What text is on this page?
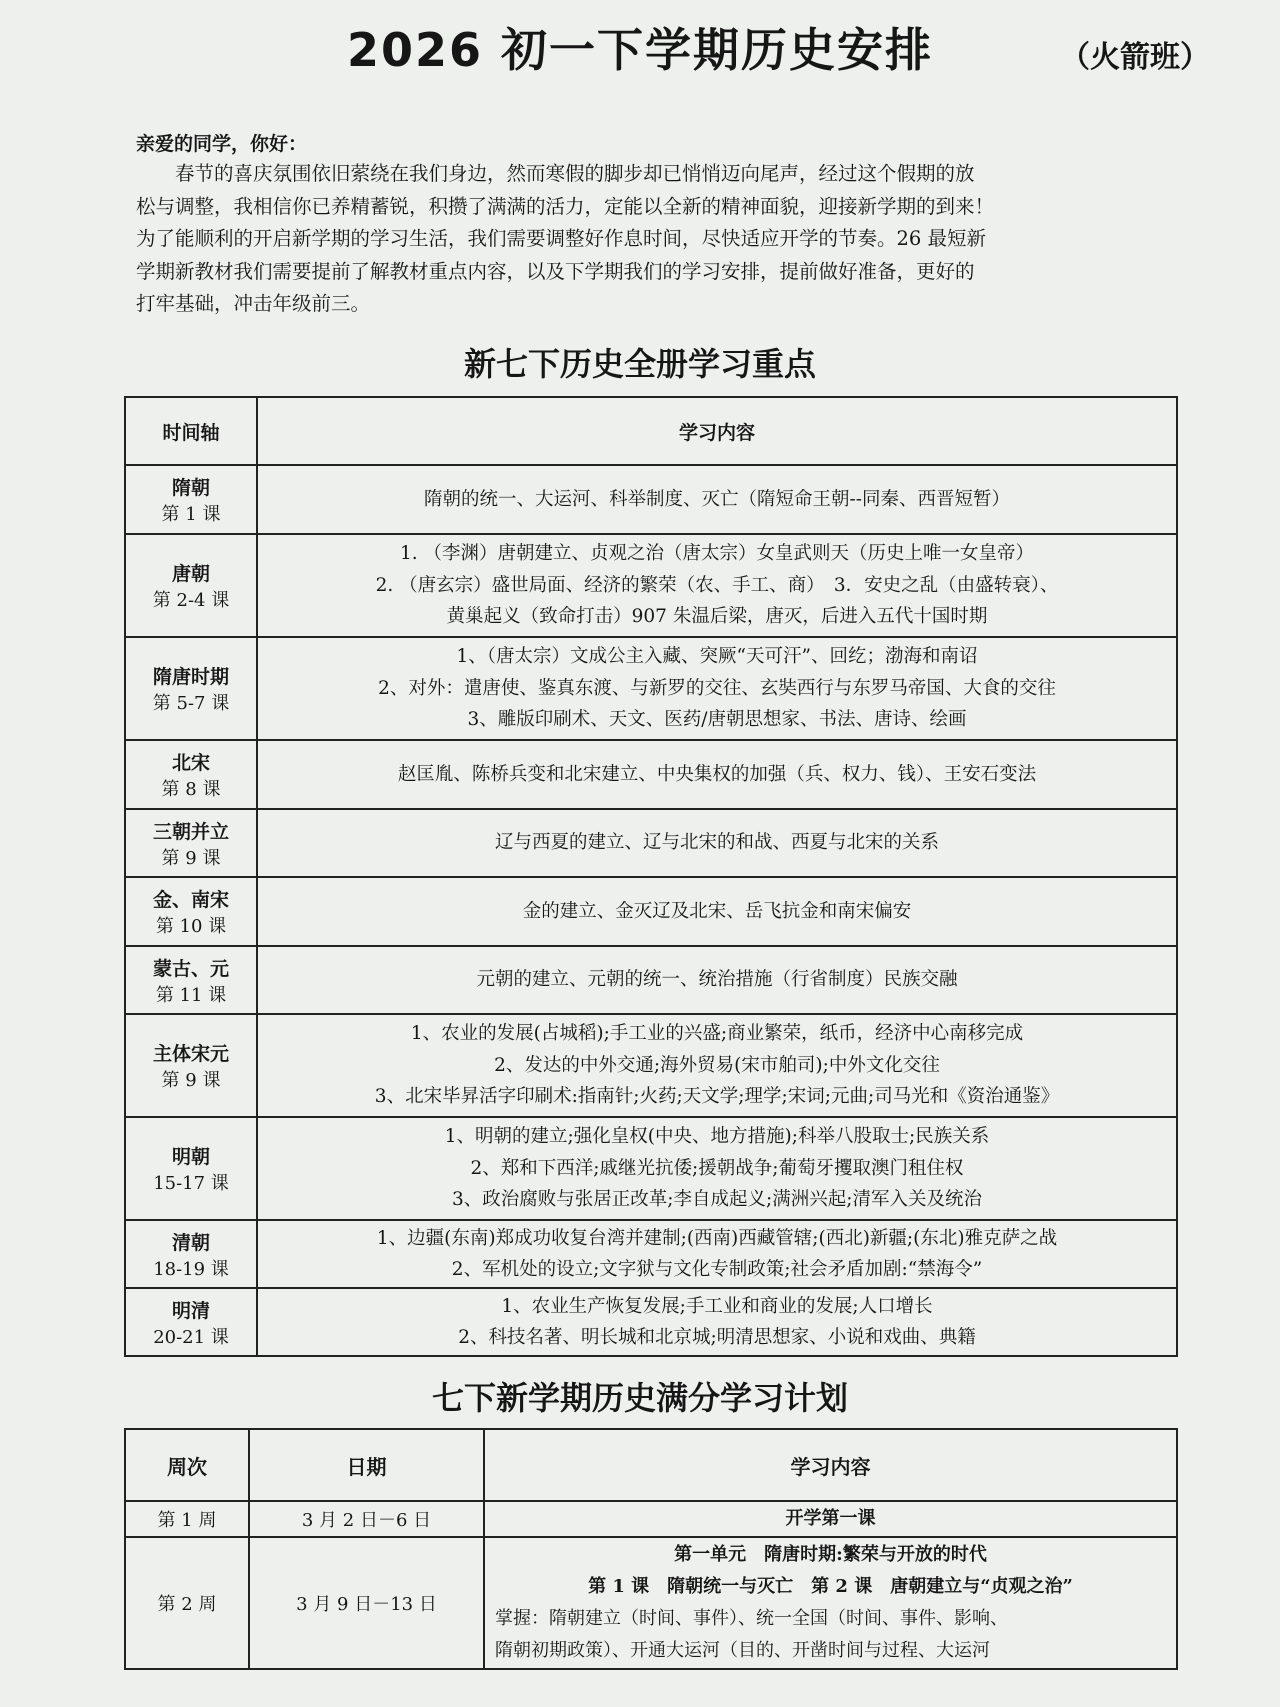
2026 初一下学期历史安排	（火箭班）
亲爱的同学，你好：
　　春节的喜庆氛围依旧萦绕在我们身边，然而寒假的脚步却已悄悄迈向尾声，经过这个假期的放
松与调整，我相信你已养精蓄锐，积攒了满满的活力，定能以全新的精神面貌，迎接新学期的到来！
为了能顺利的开启新学期的学习生活，我们需要调整好作息时间，尽快适应开学的节奏。26 最短新
学期新教材我们需要提前了解教材重点内容，以及下学期我们的学习安排，提前做好准备，更好的
打牢基础，冲击年级前三。
新七下历史全册学习重点
时间轴	学习内容

隋朝
第 1 课	隋朝的统一、大运河、科举制度、灭亡（隋短命王朝--同秦、西晋短暂）

唐朝
第 2-4 课	1. （李渊）唐朝建立、贞观之治（唐太宗）女皇武则天（历史上唯一女皇帝）
2. （唐玄宗）盛世局面、经济的繁荣（农、手工、商）　3．安史之乱（由盛转衰）、
黄巢起义（致命打击）907 朱温后梁，唐灭，后进入五代十国时期

隋唐时期
第 5-7 课	1、（唐太宗）文成公主入藏、突厥“天可汗”、回纥；渤海和南诏
2、对外：遣唐使、鉴真东渡、与新罗的交往、玄奘西行与东罗马帝国、大食的交往
3、雕版印刷术、天文、医药/唐朝思想家、书法、唐诗、绘画

北宋
第 8 课	赵匡胤、陈桥兵变和北宋建立、中央集权的加强（兵、权力、钱）、王安石变法

三朝并立
第 9 课	辽与西夏的建立、辽与北宋的和战、西夏与北宋的关系

金、南宋
第 10 课	金的建立、金灭辽及北宋、岳飞抗金和南宋偏安

蒙古、元
第 11 课	元朝的建立、元朝的统一、统治措施（行省制度）民族交融

主体宋元
第 9 课	1、农业的发展(占城稻);手工业的兴盛;商业繁荣，纸币，经济中心南移完成
2、发达的中外交通;海外贸易(宋市舶司);中外文化交往
3、北宋毕昇活字印刷术:指南针;火药;天文学;理学;宋词;元曲;司马光和《资治通鉴》

明朝
15-17 课	1、明朝的建立;强化皇权(中央、地方措施);科举八股取士;民族关系
2、郑和下西洋;戚继光抗倭;援朝战争;葡萄牙攫取澳门租住权
3、政治腐败与张居正改革;李自成起义;满洲兴起;清军入关及统治

清朝
18-19 课	1、边疆(东南)郑成功收复台湾并建制;(西南)西藏管辖;(西北)新疆;(东北)雅克萨之战
2、军机处的设立;文字狱与文化专制政策;社会矛盾加剧:“禁海令”

明清
20-21 课	1、农业生产恢复发展;手工业和商业的发展;人口增长
2、科技名著、明长城和北京城;明清思想家、小说和戏曲、典籍
七下新学期历史满分学习计划
周次	日期	学习内容
第 1 周	3 月 2 日－6 日	开学第一课

第 2 周	3 月 9 日－13 日	第一单元　隋唐时期:繁荣与开放的时代
第 1 课　隋朝统一与灭亡　第 2 课　唐朝建立与“贞观之治”
掌握：隋朝建立（时间、事件）、统一全国（时间、事件、影响、
隋朝初期政策）、开通大运河（目的、开凿时间与过程、大运河
